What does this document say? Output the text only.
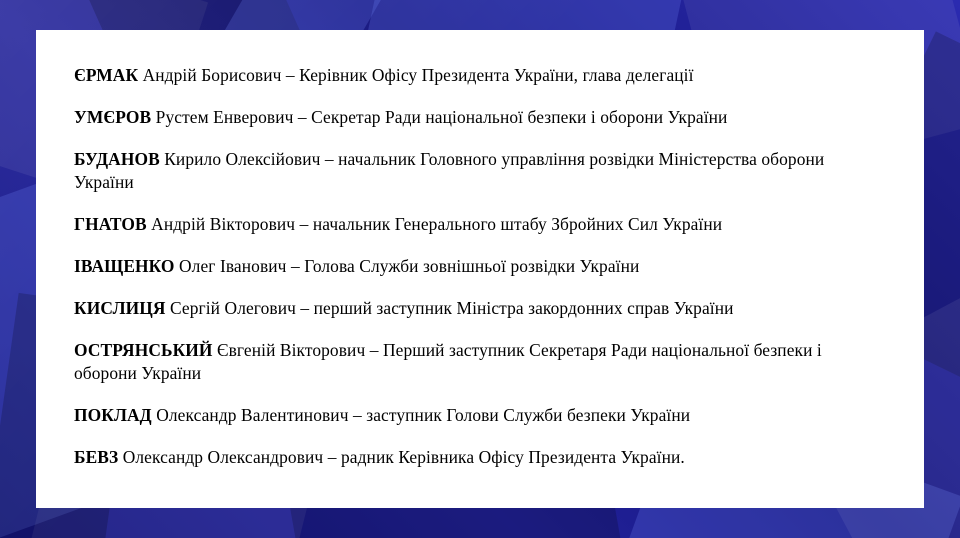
ЄРМАК Андрій Борисович – Керівник Офісу Президента України, глава делегації
УМЄРОВ Рустем Енверович – Секретар Ради національної безпеки і оборони України
БУДАНОВ Кирило Олексійович – начальник Головного управління розвідки Міністерства оборони України
ГНАТОВ Андрій Вікторович – начальник Генерального штабу Збройних Сил України
ІВАЩЕНКО Олег Іванович – Голова Служби зовнішньої розвідки України
КИСЛИЦЯ Сергій Олегович – перший заступник Міністра закордонних справ України
ОСТРЯНСЬКИЙ Євгеній Вікторович – Перший заступник Секретаря Ради національної безпеки і оборони України
ПОКЛАД Олександр Валентинович – заступник Голови Служби безпеки України
БЕВЗ Олександр Олександрович – радник Керівника Офісу Президента України.
